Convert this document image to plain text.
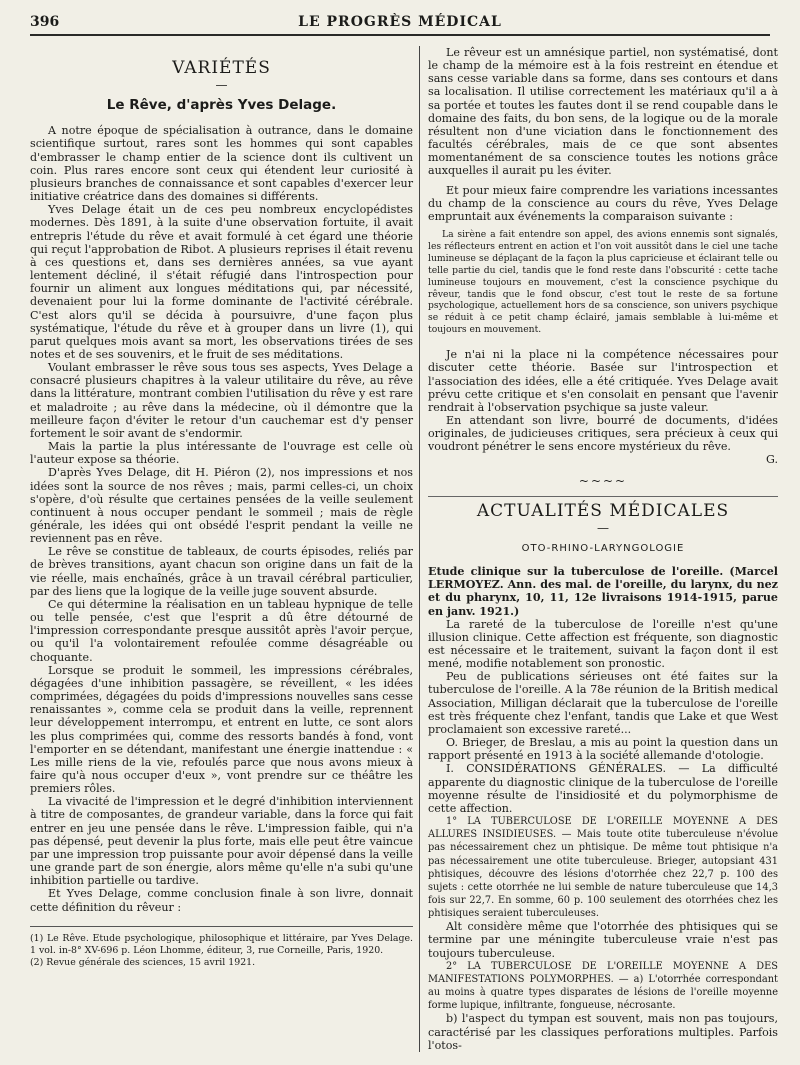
396	LE PROGRÈS MÉDICAL
VARIÉTÉS
—
Le Rêve, d'après Yves Delage.

A notre époque de spécialisation à outrance, dans le domaine scientifique surtout, rares sont les hommes qui sont capables d'embrasser le champ entier de la science dont ils cultivent un coin. Plus rares encore sont ceux qui étendent leur curiosité à plusieurs branches de connaissance et sont capables d'exercer leur initiative créatrice dans des domaines si différents.

Yves Delage était un de ces peu nombreux encyclopédistes modernes. Dès 1891, à la suite d'une observation fortuite, il avait entrepris l'étude du rêve et avait formulé à cet égard une théorie qui reçut l'approbation de Ribot. A plusieurs reprises il était revenu à ces questions et, dans ses dernières années, sa vue ayant lentement décliné, il s'était réfugié dans l'introspection pour fournir un aliment aux longues méditations qui, par nécessité, devenaient pour lui la forme dominante de l'activité cérébrale. C'est alors qu'il se décida à poursuivre, d'une façon plus systématique, l'étude du rêve et à grouper dans un livre (1), qui parut quelques mois avant sa mort, les observations tirées de ses notes et de ses souvenirs, et le fruit de ses méditations.

Voulant embrasser le rêve sous tous ses aspects, Yves Delage a consacré plusieurs chapitres à la valeur utilitaire du rêve, au rêve dans la littérature, montrant combien l'utilisation du rêve y est rare et maladroite ; au rêve dans la médecine, où il démontre que la meilleure façon d'éviter le retour d'un cauchemar est d'y penser fortement le soir avant de s'endormir.

Mais la partie la plus intéressante de l'ouvrage est celle où l'auteur expose sa théorie.

D'après Yves Delage, dit H. Piéron (2), nos impressions et nos idées sont la source de nos rêves ; mais, parmi celles-ci, un choix s'opère, d'où résulte que certaines pensées de la veille seulement continuent à nous occuper pendant le sommeil ; mais de règle générale, les idées qui ont obsédé l'esprit pendant la veille ne reviennent pas en rêve.

Le rêve se constitue de tableaux, de courts épisodes, reliés par de brèves transitions, ayant chacun son origine dans un fait de la vie réelle, mais enchaînés, grâce à un travail cérébral particulier, par des liens que la logique de la veille juge souvent absurde.

Ce qui détermine la réalisation en un tableau hypnique de telle ou telle pensée, c'est que l'esprit a dû être détourné de l'impression correspondante presque aussitôt après l'avoir perçue, ou qu'il l'a volontairement refoulée comme désagréable ou choquante.

Lorsque se produit le sommeil, les impressions cérébrales, dégagées d'une inhibition passagère, se réveillent, « les idées comprimées, dégagées du poids d'impressions nouvelles sans cesse renaissantes », comme cela se produit dans la veille, reprennent leur développement interrompu, et entrent en lutte, ce sont alors les plus comprimées qui, comme des ressorts bandés à fond, vont l'emporter en se détendant, manifestant une énergie inattendue : « Les mille riens de la vie, refoulés parce que nous avons mieux à faire qu'à nous occuper d'eux », vont prendre sur ce théâtre les premiers rôles.

La vivacité de l'impression et le degré d'inhibition interviennent à titre de composantes, de grandeur variable, dans la force qui fait entrer en jeu une pensée dans le rêve. L'impression faible, qui n'a pas dépensé, peut devenir la plus forte, mais elle peut être vaincue par une impression trop puissante pour avoir dépensé dans la veille une grande part de son énergie, alors même qu'elle n'a subi qu'une inhibition partielle ou tardive.

Et Yves Delage, comme conclusion finale à son livre, donnait cette définition du rêveur :

(1) Le Rêve. Etude psychologique, philosophique et littéraire, par Yves Delage. 1 vol. in-8° XV-696 p. Léon Lhomme, éditeur, 3, rue Corneille, Paris, 1920.

(2) Revue générale des sciences, 15 avril 1921.

Le rêveur est un amnésique partiel, non systématisé, dont le champ de la mémoire est à la fois restreint en étendue et sans cesse variable dans sa forme, dans ses contours et dans sa localisation. Il utilise correctement les matériaux qu'il a à sa portée et toutes les fautes dont il se rend coupable dans le domaine des faits, du bon sens, de la logique ou de la morale résultent non d'une viciation dans le fonctionnement des facultés cérébrales, mais de ce que sont absentes momentanément de sa conscience toutes les notions grâce auxquelles il aurait pu les éviter.

Et pour mieux faire comprendre les variations incessantes du champ de la conscience au cours du rêve, Yves Delage empruntait aux événements la comparaison suivante :

La sirène a fait entendre son appel, des avions ennemis sont signalés, les réflecteurs entrent en action et l'on voit aussitôt dans le ciel une tache lumineuse se déplaçant de la façon la plus capricieuse et éclairant telle ou telle partie du ciel, tandis que le fond reste dans l'obscurité : cette tache lumineuse toujours en mouvement, c'est la conscience psychique du rêveur, tandis que le fond obscur, c'est tout le reste de sa fortune psychologique, actuellement hors de sa conscience, son univers psychique se réduit à ce petit champ éclairé, jamais semblable à lui-même et toujours en mouvement.

Je n'ai ni la place ni la compétence nécessaires pour discuter cette théorie. Basée sur l'introspection et l'association des idées, elle a été critiquée. Yves Delage avait prévu cette critique et s'en consolait en pensant que l'avenir rendrait à l'observation psychique sa juste valeur.

En attendant son livre, bourré de documents, d'idées originales, de judicieuses critiques, sera précieux à ceux qui voudront pénétrer le sens encore mystérieux du rêve.

G.
~~~~
ACTUALITÉS MÉDICALES
—
OTO-RHINO-LARYNGOLOGIE

Etude clinique sur la tuberculose de l'oreille. (Marcel LERMOYEZ. Ann. des mal. de l'oreille, du larynx, du nez et du pharynx, 10, 11, 12e livraisons 1914-1915, parue en janv. 1921.)

La rareté de la tuberculose de l'oreille n'est qu'une illusion clinique. Cette affection est fréquente, son diagnostic est nécessaire et le traitement, suivant la façon dont il est mené, modifie notablement son pronostic.

Peu de publications sérieuses ont été faites sur la tuberculose de l'oreille. A la 78e réunion de la British medical Association, Milligan déclarait que la tuberculose de l'oreille est très fréquente chez l'enfant, tandis que Lake et que West proclamaient son excessive rareté...

O. Brieger, de Breslau, a mis au point la question dans un rapport présenté en 1913 à la société allemande d'otologie.

I. CONSIDÉRATIONS GÉNÉRALES. — La difficulté apparente du diagnostic clinique de la tuberculose de l'oreille moyenne résulte de l'insidiosité et du polymorphisme de cette affection.

1° LA TUBERCULOSE DE L'OREILLE MOYENNE A DES ALLURES INSIDIEUSES. — Mais toute otite tuberculeuse n'évolue pas nécessairement chez un phtisique. De même tout phtisique n'a pas nécessairement une otite tuberculeuse. Brieger, autopsiant 431 phtisiques, découvre des lésions d'otorrhée chez 22,7 p. 100 des sujets : cette otorrhée ne lui semble de nature tuberculeuse que 14,3 fois sur 22,7. En somme, 60 p. 100 seulement des otorrhées chez les phtisiques seraient tuberculeuses.

Alt considère même que l'otorrhée des phtisiques qui se termine par une méningite tuberculeuse vraie n'est pas toujours tuberculeuse.

2° LA TUBERCULOSE DE L'OREILLE MOYENNE A DES MANIFESTATIONS POLYMORPHES. — a) L'otorrhée correspondant au moins à quatre types disparates de lésions de l'oreille moyenne forme lupique, infiltrante, fongueuse, nécrosante.

b) l'aspect du tympan est souvent, mais non pas toujours, caractérisé par les classiques perforations multiples. Parfois l'otos-
